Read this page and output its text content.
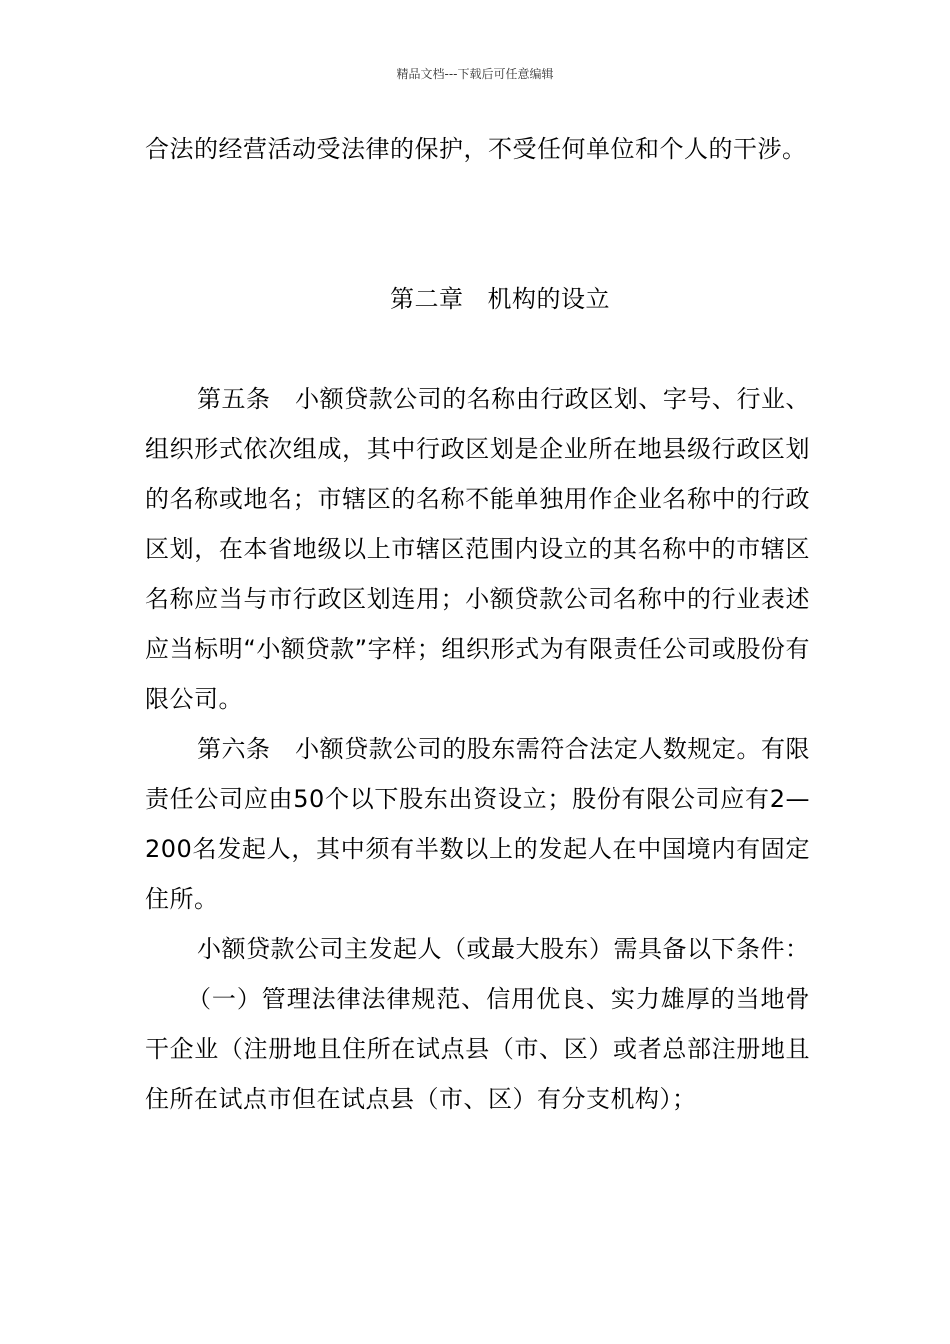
精品文档---下载后可任意编辑

合法的经营活动受法律的保护，不受任何单位和个人的干涉。

第二章 机构的设立

第五条　小额贷款公司的名称由行政区划、字号、行业、组织形式依次组成，其中行政区划是企业所在地县级行政区划的名称或地名；市辖区的名称不能单独用作企业名称中的行政区划，在本省地级以上市辖区范围内设立的其名称中的市辖区名称应当与市行政区划连用；小额贷款公司名称中的行业表述应当标明“小额贷款”字样；组织形式为有限责任公司或股份有限公司。

第六条　小额贷款公司的股东需符合法定人数规定。有限责任公司应由50个以下股东出资设立；股份有限公司应有2—200名发起人，其中须有半数以上的发起人在中国境内有固定住所。

小额贷款公司主发起人（或最大股东）需具备以下条件：

（一）管理法律法律规范、信用优良、实力雄厚的当地骨干企业（注册地且住所在试点县（市、区）或者总部注册地且住所在试点市但在试点县（市、区）有分支机构）；
